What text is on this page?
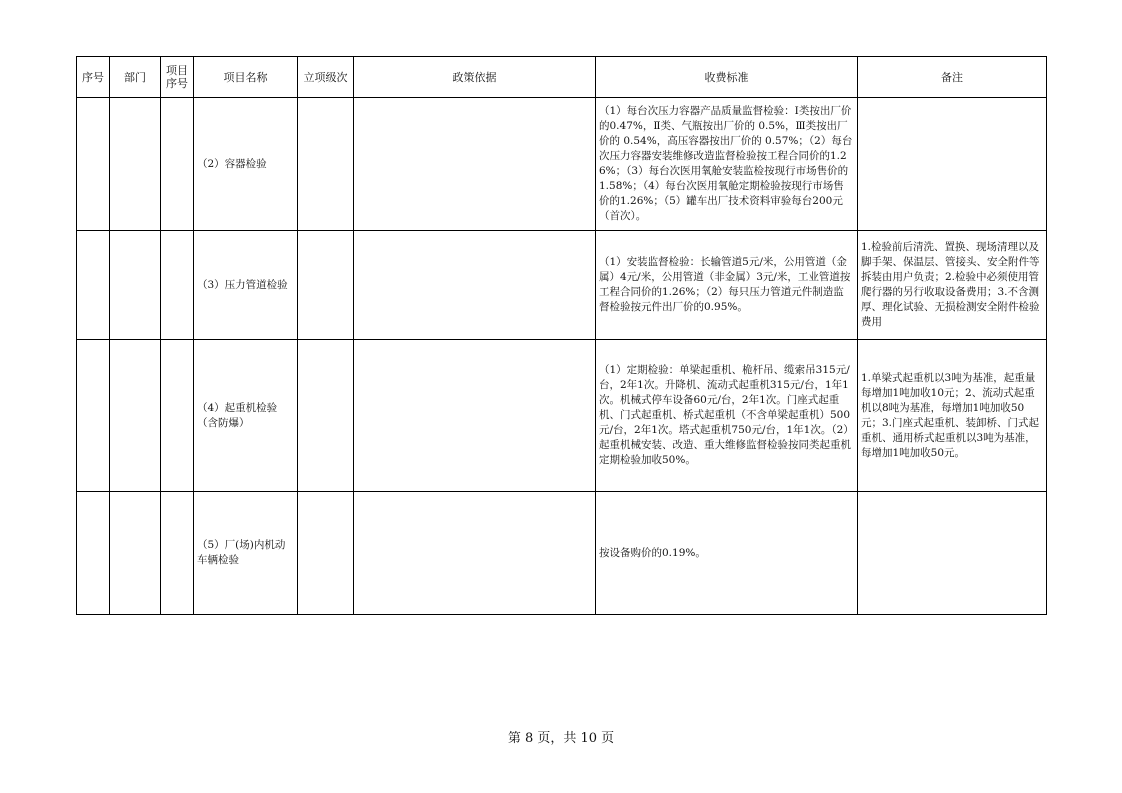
序号	部门	项目序号	项目名称	立项级次	政策依据	收费标准	备注
			（2）容器检验			（1）每台次压力容器产品质量监督检验：Ⅰ类按出厂价的0.47%，Ⅱ类、气瓶按出厂价的 0.5%，Ⅲ类按出厂价的 0.54%，高压容器按出厂价的 0.57%；（2）每台次压力容器安装维修改造监督检验按工程合同价的1.26%；（3）每台次医用氧舱安装监检按现行市场售价的1.58%；（4）每台次医用氧舱定期检验按现行市场售价的1.26%；（5）罐车出厂技术资料审验每台200元（首次）。	
			（3）压力管道检验			（1）安装监督检验：长输管道5元/米，公用管道（金属）4元/米，公用管道（非金属）3元/米，工业管道按工程合同价的1.26%；（2）每只压力管道元件制造监督检验按元件出厂价的0.95%。	1.检验前后清洗、置换、现场清理以及脚手架、保温层、管接头、安全附件等拆装由用户负责；2.检验中必须使用管爬行器的另行收取设备费用；3.不含测厚、理化试验、无损检测安全附件检验费用
			（4）起重机检验（含防爆）			（1）定期检验：单梁起重机、桅杆吊、缆索吊315元/台，2年1次。升降机、流动式起重机315元/台，1年1次。机械式停车设备60元/台，2年1次。门座式起重机、门式起重机、桥式起重机（不含单梁起重机）500元/台，2年1次。塔式起重机750元/台，1年1次。（2）起重机械安装、改造、重大维修监督检验按同类起重机定期检验加收50%。	1.单梁式起重机以3吨为基准，起重量每增加1吨加收10元；2、流动式起重机以8吨为基准，每增加1吨加收50元；3.门座式起重机、装卸桥、门式起重机、通用桥式起重机以3吨为基准，每增加1吨加收50元。
			（5）厂(场)内机动车辆检验			按设备购价的0.19%。	
第 8 页，共 10 页
